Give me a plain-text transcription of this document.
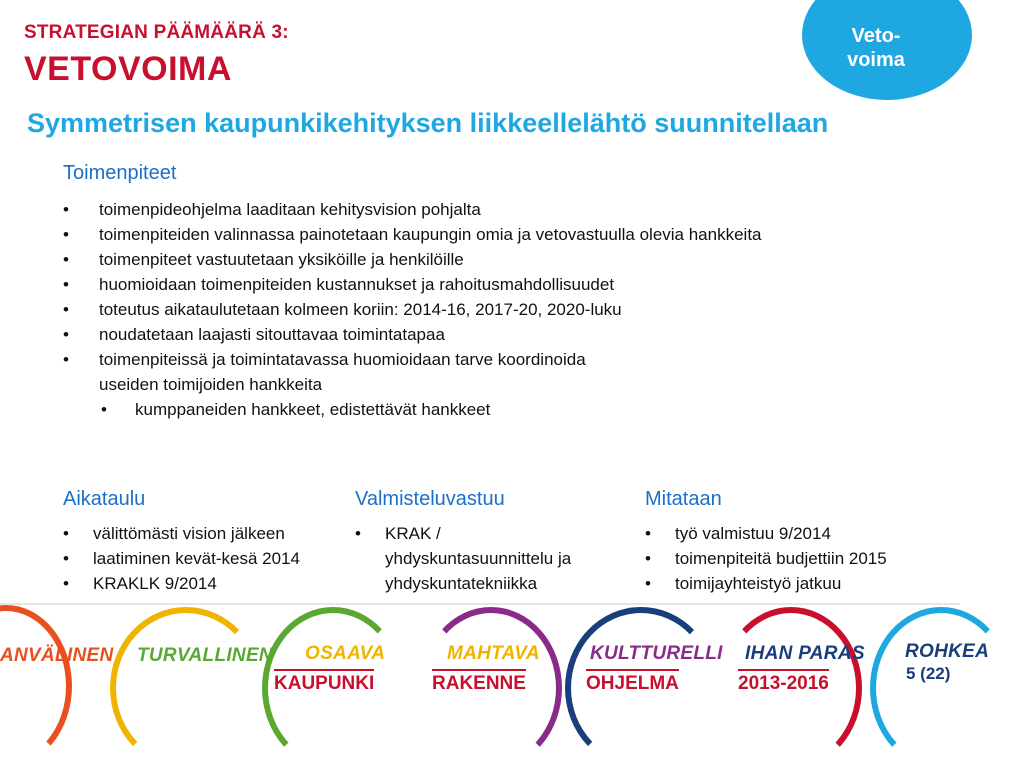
STRATEGIAN PÄÄMÄÄRÄ 3:
VETOVOIMA
Veto-
voima
Symmetrisen kaupunkikehityksen liikkeellelähtö suunnitellaan
Toimenpiteet
• toimenpideohjelma laaditaan kehitysvision pohjalta
• toimenpiteiden valinnassa painotetaan kaupungin omia ja vetovastuulla olevia hankkeita
• toimenpiteet vastuutetaan yksiköille ja henkilöille
• huomioidaan toimenpiteiden kustannukset ja rahoitusmahdollisuudet
• toteutus aikataulutetaan kolmeen koriin: 2014-16, 2017-20, 2020-luku
• noudatetaan laajasti sitouttavaa toimintatapaa
• toimenpiteissä ja toimintatavassa huomioidaan tarve koordinoida
useiden toimijoiden hankkeita
• kumppaneiden hankkeet, edistettävät hankkeet
Aikataulu
• välittömästi vision jälkeen
• laatiminen kevät-kesä 2014
• KRAKLK 9/2014
Valmisteluvastuu
• KRAK /
yhdyskuntasuunnittelu ja
yhdyskuntatekniikka
Mitataan
• työ valmistuu 9/2014
• toimenpiteitä budjettiin 2015
• toimijayhteistyö jatkuu
ANVÄLINEN TURVALLINEN OSAAVA	MAHTAVA	KULTTURELLI IHAN PARAS ROHKEA
KAUPUNKI	RAKENNE	OHJELMA	2013-2016	5 (22)
